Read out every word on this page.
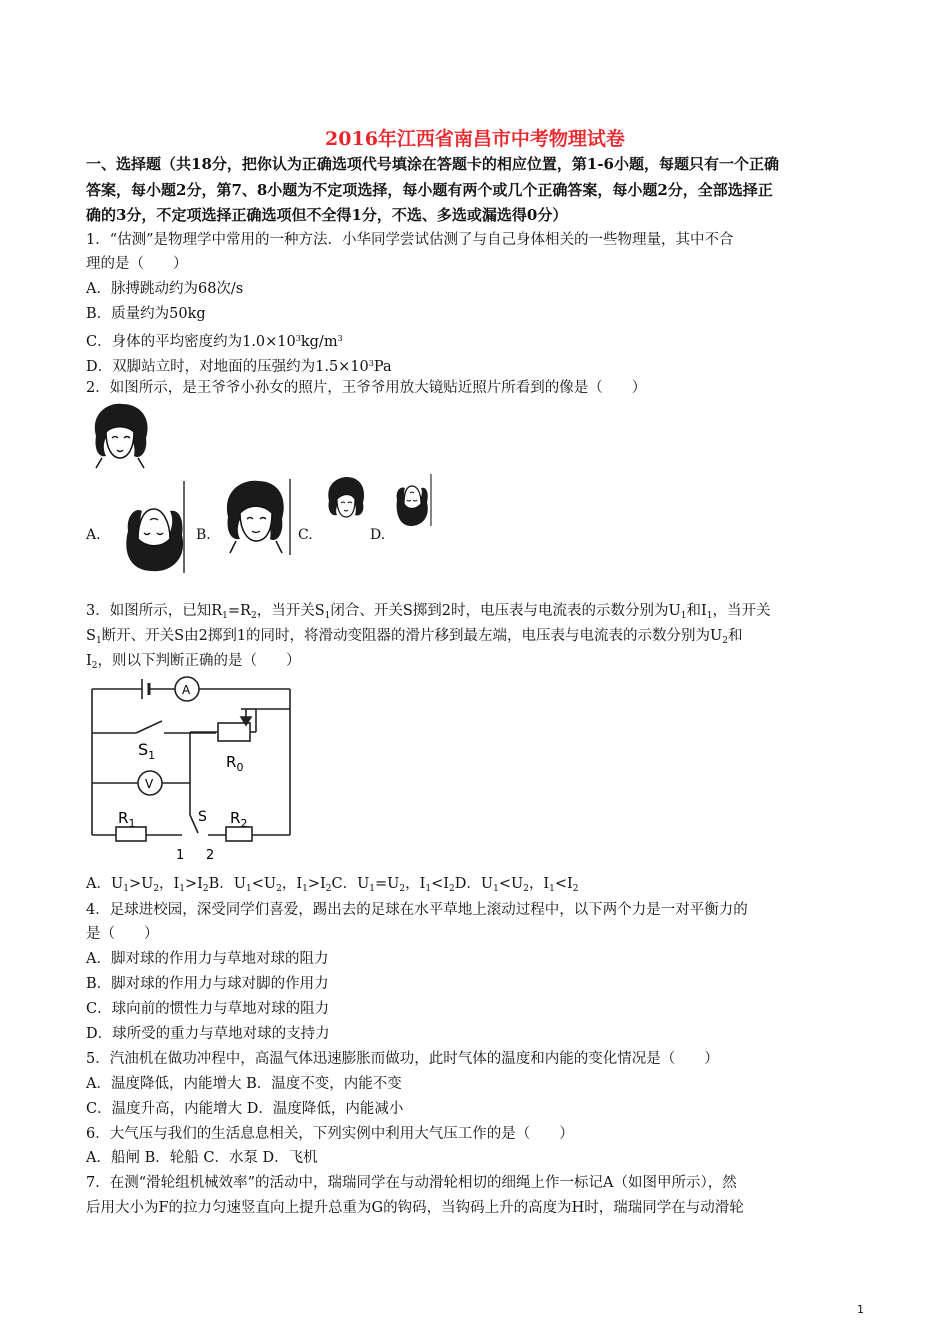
2016年江西省南昌市中考物理试卷
一、选择题（共18分，把你认为正确选项代号填涂在答题卡的相应位置，第1-6小题，每题只有一个正确
答案，每小题2分，第7、8小题为不定项选择，每小题有两个或几个正确答案，每小题2分，全部选择正
确的3分，不定项选择正确选项但不全得1分，不选、多选或漏选得0分）
1．“估测”是物理学中常用的一种方法．小华同学尝试估测了与自己身体相关的一些物理量，其中不合
理的是（　　）
A．脉搏跳动约为68次/s
B．质量约为50kg
C．身体的平均密度约为$1.0\times 10^3kg/m^3$
D．双脚站立时，对地面的压强约为$1.5\times 10^3Pa$
2．如图所示，是王爷爷小孙女的照片，王爷爷用放大镜贴近照片所看到的像是（　　）
A.	B.	C.	D.
3．如图所示，已知$R_1=R_2$，当开关$S_1$闭合、开关S掷到2时，电压表与电流表的示数分别为$U_1$和$I_1$，当开关
$S_1$断开、开关S由2掷到1的同时，将滑动变阻器的滑片移到最左端，电压表与电流表的示数分别为$U_2$和
$I_2$，则以下判断正确的是（　　）
A
V
$S_1$	$R_0$
$R_1$	S $R_2$
1 2
A．$U_1>U_2$，$I_1>I_2B$．$U_1<U_2$，$I_1>I_2C$．$U_1=U_2$，$I_1<I_2D$．$U_1<U_2$，$I_1<I_2$
4．足球进校园，深受同学们喜爱，踢出去的足球在水平草地上滚动过程中，以下两个力是一对平衡力的
是（　　）
A．脚对球的作用力与草地对球的阻力
B．脚对球的作用力与球对脚的作用力
C．球向前的惯性力与草地对球的阻力
D．球所受的重力与草地对球的支持力
5．汽油机在做功冲程中，高温气体迅速膨胀而做功，此时气体的温度和内能的变化情况是（　　）
A．温度降低，内能增大 B．温度不变，内能不变
C．温度升高，内能增大 D．温度降低，内能减小
6．大气压与我们的生活息息相关，下列实例中利用大气压工作的是（　　）
A．船闸 B．轮船 C．水泵 D．飞机
7．在测“滑轮组机械效率”的活动中，瑞瑞同学在与动滑轮相切的细绳上作一标记A（如图甲所示），然
后用大小为F的拉力匀速竖直向上提升总重为G的钩码，当钩码上升的高度为H时，瑞瑞同学在与动滑轮
1
